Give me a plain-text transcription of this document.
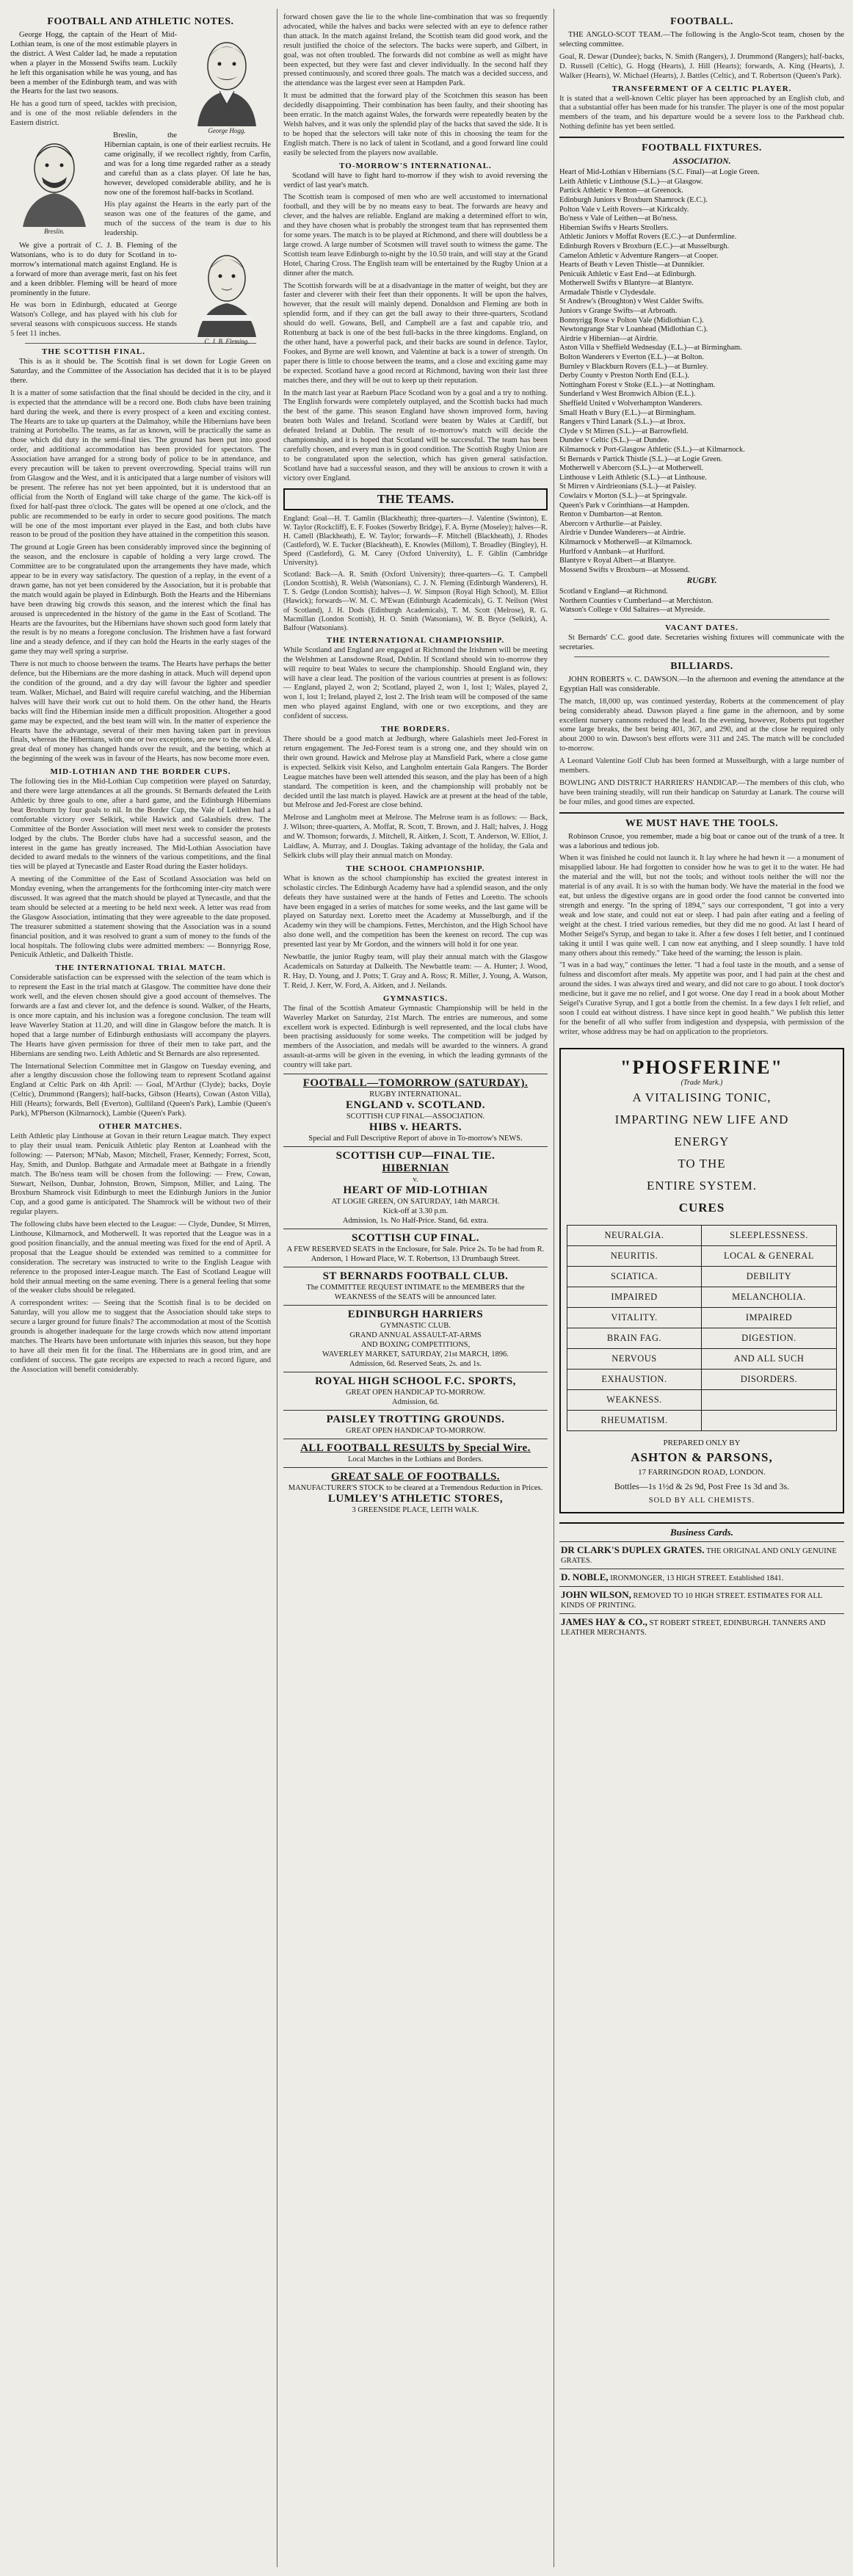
FOOTBALL AND ATHLETIC NOTES.
George Hogg.

George Hogg, the captain of the Heart of Mid-Lothian team, is one of the most estimable players in the district. A West Calder lad, he made a reputation when a player in the Mossend Swifts team. Luckily he left this organisation while he was young, and has been a member of the Edinburgh team, and was with the Hearts for the last two seasons.

He has a good turn of speed, tackles with precision, and is one of the most reliable defenders in the Eastern district.
Breslin.

Breslin, the Hibernian captain, is one of their earliest recruits. He came originally, if we recollect rightly, from Carfin, and was for a long time regarded rather as a steady and careful than as a class player. Of late he has, however, developed considerable ability, and he is now one of the foremost half-backs in Scotland.

His play against the Hearts in the early part of the season was one of the features of the game, and much of the success of the team is due to his leadership.
C. J. B. Fleming.

We give a portrait of C. J. B. Fleming of the Watsonians, who is to do duty for Scotland in to-morrow's international match against England. He is a forward of more than average merit, fast on his feet and a keen dribbler. Fleming will be heard of more prominently in the future.

He was born in Edinburgh, educated at George Watson's College, and has played with his club for several seasons with conspicuous success. He stands 5 feet 11 inches.
THE SCOTTISH FINAL.

This is as it should be. The Scottish final is set down for Logie Green on Saturday, and the Committee of the Association has decided that it is to be played there.

It is a matter of some satisfaction that the final should be decided in the city, and it is expected that the attendance will be a record one. Both clubs have been training hard during the week, and there is every prospect of a keen and exciting contest. The Hearts are to take up quarters at the Dalmahoy, while the Hibernians have been training at Portobello. The teams, as far as known, will be practically the same as those which did duty in the semi-final ties. The ground has been put into good order, and additional accommodation has been provided for spectators. The Association have arranged for a strong body of police to be in attendance, and every precaution will be taken to prevent overcrowding. Special trains will run from Glasgow and the West, and it is anticipated that a large number of visitors will be present. The referee has not yet been appointed, but it is understood that an official from the North of England will take charge of the game. The kick-off is fixed for half-past three o'clock. The gates will be opened at one o'clock, and the public are recommended to be early in order to secure good positions. The match will be one of the most important ever played in the East, and both clubs have reason to be proud of the position they have attained in the competition this season.
The ground at Logie Green has been considerably improved since the beginning of the season, and the enclosure is capable of holding a very large crowd. The Committee are to be congratulated upon the arrangements they have made, which appear to be in every way satisfactory. The question of a replay, in the event of a drawn game, has not yet been considered by the Association, but it is probable that the match would again be played in Edinburgh. Both the Hearts and the Hibernians have been drawing big crowds this season, and the interest which the final has aroused is unprecedented in the history of the game in the East of Scotland. The Hearts are the favourites, but the Hibernians have shown such good form lately that the result is by no means a foregone conclusion. The Irishmen have a fast forward line and a steady defence, and if they can hold the Hearts in the early stages of the game they may well spring a surprise.
There is not much to choose between the teams. The Hearts have perhaps the better defence, but the Hibernians are the more dashing in attack. Much will depend upon the condition of the ground, and a dry day will favour the lighter and speedier team. Walker, Michael, and Baird will require careful watching, and the Hibernian halves will have their work cut out to hold them. On the other hand, the Hearts backs will find the Hibernian inside men a difficult proposition. Altogether a good game may be expected, and the best team will win. In the matter of experience the Hearts have the advantage, several of their men having taken part in previous finals, whereas the Hibernians, with one or two exceptions, are new to the ordeal. A great deal of money has changed hands over the result, and the betting, which at the beginning of the week was in favour of the Hearts, has now become more even.
MID-LOTHIAN AND THE BORDER CUPS.
The following ties in the Mid-Lothian Cup competition were played on Saturday, and there were large attendances at all the grounds. St Bernards defeated the Leith Athletic by three goals to one, after a hard game, and the Edinburgh Hibernians beat Broxburn by four goals to nil. In the Border Cup, the Vale of Leithen had a comfortable victory over Selkirk, while Hawick and Galashiels drew. The Committee of the Border Association will meet next week to consider the protests lodged by the clubs. The Border clubs have had a successful season, and the interest in the game has greatly increased. The Mid-Lothian Association have decided to award medals to the winners of the various competitions, and the final ties will be played at Tynecastle and Easter Road during the Easter holidays.
A meeting of the Committee of the East of Scotland Association was held on Monday evening, when the arrangements for the forthcoming inter-city match were discussed. It was agreed that the match should be played at Tynecastle, and that the team should be selected at a meeting to be held next week. A letter was read from the Glasgow Association, intimating that they were agreeable to the date proposed. The treasurer submitted a statement showing that the Association was in a sound financial position, and it was resolved to grant a sum of money to the funds of the local hospitals. The following clubs were admitted members: — Bonnyrigg Rose, Penicuik Athletic, and Dalkeith Thistle.
THE INTERNATIONAL TRIAL MATCH.
Considerable satisfaction can be expressed with the selection of the team which is to represent the East in the trial match at Glasgow. The committee have done their work well, and the eleven chosen should give a good account of themselves. The forwards are a fast and clever lot, and the defence is sound. Walker, of the Hearts, is once more captain, and his inclusion was a foregone conclusion. The team will leave Waverley Station at 11.20, and will dine in Glasgow before the match. It is hoped that a large number of Edinburgh enthusiasts will accompany the players. The Hearts have given permission for three of their men to take part, and the Hibernians are sending two. Leith Athletic and St Bernards are also represented.
The International Selection Committee met in Glasgow on Tuesday evening, and after a lengthy discussion chose the following team to represent Scotland against England at Celtic Park on 4th April: — Goal, M'Arthur (Clyde); backs, Doyle (Celtic), Drummond (Rangers); half-backs, Gibson (Hearts), Cowan (Aston Villa), Hill (Hearts); forwards, Bell (Everton), Gulliland (Queen's Park), Lambie (Queen's Park), M'Pherson (Kilmarnock), Lambie (Queen's Park).
OTHER MATCHES.
Leith Athletic play Linthouse at Govan in their return League match. They expect to play their usual team. Penicuik Athletic play Renton at Loanhead with the following: — Paterson; M'Nab, Mason; Mitchell, Fraser, Kennedy; Forrest, Scott, Hay, Smith, and Dunlop. Bathgate and Armadale meet at Bathgate in a friendly match. The Bo'ness team will be chosen from the following: — Frew, Cowan, Stewart, Neilson, Dunbar, Johnston, Brown, Simpson, Miller, and Laing. The Broxburn Shamrock visit Edinburgh to meet the Edinburgh Juniors in the Junior Cup, and a good game is anticipated. The Shamrock will be without two of their regular players.
The following clubs have been elected to the League: — Clyde, Dundee, St Mirren, Linthouse, Kilmarnock, and Motherwell. It was reported that the League was in a good position financially, and the annual meeting was fixed for the end of April. A proposal that the League should be extended was remitted to a committee for consideration. The secretary was instructed to write to the English League with reference to the proposed inter-League match. The East of Scotland League will hold their annual meeting on the same evening. There is a general feeling that some of the weaker clubs should be relegated.
A correspondent writes: — Seeing that the Scottish final is to be decided on Saturday, will you allow me to suggest that the Association should take steps to secure a larger ground for future finals? The accommodation at most of the Scottish grounds is altogether inadequate for the large crowds which now attend important matches. The Hearts have been unfortunate with injuries this season, but they hope to have all their men fit for the final. The Hibernians are in good trim, and are confident of success. The gate receipts are expected to reach a record figure, and the Association will benefit considerably.
forward chosen gave the lie to the whole line-combination that was so frequently advocated, while the halves and backs were selected with an eye to defence rather than attack. In the match against Ireland, the Scottish team did good work, and the result justified the choice of the selectors. The backs were superb, and Gilbert, in goal, was not often troubled. The forwards did not combine as well as might have been expected, but they were fast and clever individually. In the second half they pressed continuously, and scored three goals. The match was a decided success, and the attendance was the largest ever seen at Hampden Park.
It must be admitted that the forward play of the Scotchmen this season has been decidedly disappointing. Their combination has been faulty, and their shooting has been erratic. In the match against Wales, the forwards were repeatedly beaten by the Welsh halves, and it was only the splendid play of the backs that saved the side. It is to be hoped that the selectors will take note of this in choosing the team for the English match. There is no lack of talent in Scotland, and a good forward line could easily be selected from the players now available.
TO-MORROW'S INTERNATIONAL.

Scotland will have to fight hard to-morrow if they wish to avoid reversing the verdict of last year's match.

The Scottish team is composed of men who are well accustomed to international football, and they will be by no means easy to beat. The forwards are heavy and clever, and the halves are reliable. England are making a determined effort to win, and they have chosen what is probably the strongest team that has represented them for some years. The match is to be played at Richmond, and there will doubtless be a large crowd. A large number of Scotsmen will travel south to witness the game. The Scottish team leave Edinburgh to-night by the 10.50 train, and will stay at the Grand Hotel, Charing Cross. The English team will be entertained by the Rugby Union at a dinner after the match.
The Scottish forwards will be at a disadvantage in the matter of weight, but they are faster and cleverer with their feet than their opponents. It will be upon the halves, however, that the result will mainly depend. Donaldson and Fleming are both in splendid form, and if they can get the ball away to their three-quarters, Scotland should do well. Gowans, Bell, and Campbell are a fast and capable trio, and Rottenburg at back is one of the best full-backs in the three kingdoms. England, on the other hand, have a powerful pack, and their backs are sound in defence. Taylor, Fookes, and Byrne are well known, and Valentine at back is a tower of strength. On paper there is little to choose between the teams, and a close and exciting game may be expected. Scotland have a good record at Richmond, having won their last three matches there, and they will be out to keep up their reputation.
In the match last year at Raeburn Place Scotland won by a goal and a try to nothing. The English forwards were completely outplayed, and the Scottish backs had much the best of the game. This season England have shown improved form, having beaten both Wales and Ireland. Scotland were beaten by Wales at Cardiff, but defeated Ireland at Dublin. The result of to-morrow's match will decide the championship, and it is hoped that Scotland will be successful. The team has been carefully chosen, and every man is in good condition. The Scottish Rugby Union are to be congratulated upon the selection, which has given general satisfaction. Scotland have had a successful season, and they will be anxious to crown it with a victory over England.
THE TEAMS.
England: Goal—H. T. Gamlin (Blackheath); three-quarters—J. Valentine (Swinton), E. W. Taylor (Rockcliff), E. F. Fookes (Sowerby Bridge), F. A. Byrne (Moseley); halves—R. H. Cattell (Blackheath), E. W. Taylor; forwards—F. Mitchell (Blackheath), J. Rhodes (Castleford), W. E. Tucker (Blackheath), E. Knowles (Millom), T. Broadley (Bingley), H. Speed (Castleford), G. M. Carey (Oxford University), L. F. Giblin (Cambridge University).
Scotland: Back—A. R. Smith (Oxford University); three-quarters—G. T. Campbell (London Scottish), R. Welsh (Watsonians), C. J. N. Fleming (Edinburgh Wanderers), H. T. S. Gedge (London Scottish); halves—J. W. Simpson (Royal High School), M. Elliot (Hawick); forwards—W. M. C. M'Ewan (Edinburgh Academicals), G. T. Neilson (West of Scotland), J. H. Dods (Edinburgh Academicals), T. M. Scott (Melrose), R. G. Macmillan (London Scottish), H. O. Smith (Watsonians), W. B. Bryce (Selkirk), A. Balfour (Watsonians).
THE INTERNATIONAL CHAMPIONSHIP.
While Scotland and England are engaged at Richmond the Irishmen will be meeting the Welshmen at Lansdowne Road, Dublin. If Scotland should win to-morrow they will require to beat Wales to secure the championship. Should England win, they will have a clear lead. The position of the various countries at present is as follows: — England, played 2, won 2; Scotland, played 2, won 1, lost 1; Wales, played 2, won 1, lost 1; Ireland, played 2, lost 2. The Irish team will be composed of the same men who played against England, with one or two exceptions, and they are confident of success.
THE BORDERS.
There should be a good match at Jedburgh, where Galashiels meet Jed-Forest in return engagement. The Jed-Forest team is a strong one, and they should win on their own ground. Hawick and Melrose play at Mansfield Park, where a close game is expected. Selkirk visit Kelso, and Langholm entertain Gala Rangers. The Border League matches have been well attended this season, and the play has been of a high standard. The competition is keen, and the championship will probably not be decided until the last match is played. Hawick are at present at the head of the table, but Melrose and Jed-Forest are close behind.
Melrose and Langholm meet at Melrose. The Melrose team is as follows: — Back, J. Wilson; three-quarters, A. Moffat, R. Scott, T. Brown, and J. Hall; halves, J. Hogg and W. Thomson; forwards, J. Mitchell, R. Aitken, J. Scott, T. Anderson, W. Elliot, J. Laidlaw, A. Murray, and J. Douglas. Taking advantage of the holiday, the Gala and Selkirk clubs will play their annual match on Monday.
THE SCHOOL CHAMPIONSHIP.
What is known as the school championship has excited the greatest interest in scholastic circles. The Edinburgh Academy have had a splendid season, and the only defeats they have sustained were at the hands of Fettes and Loretto. The schools have been engaged in a series of matches for some weeks, and the last game will be played on Saturday next. Loretto meet the Academy at Musselburgh, and if the Academy win they will be champions. Fettes, Merchiston, and the High School have also done well, and the competition has been the keenest on record. The cup was presented last year by Mr Gordon, and the winners will hold it for one year.
Newbattle, the junior Rugby team, will play their annual match with the Glasgow Academicals on Saturday at Dalkeith. The Newbattle team: — A. Hunter; J. Wood, R. Hay, D. Young, and J. Potts; T. Gray and A. Ross; R. Miller, J. Young, A. Watson, T. Reid, J. Kerr, W. Ford, A. Aitken, and J. Neilands.
GYMNASTICS.
The final of the Scottish Amateur Gymnastic Championship will be held in the Waverley Market on Saturday, 21st March. The entries are numerous, and some excellent work is expected. Edinburgh is well represented, and the local clubs have been practising assiduously for some weeks. The competition will be judged by members of the Association, and medals will be awarded to the winners. A grand assault-at-arms will be given in the evening, in which the leading gymnasts of the country will take part.
FOOTBALL—TOMORROW (SATURDAY).
RUGBY INTERNATIONAL.
ENGLAND v. SCOTLAND.
SCOTTISH CUP FINAL—ASSOCIATION.
HIBS v. HEARTS.
Special and Full Descriptive Report of above in To-morrow's NEWS.
SCOTTISH CUP—FINAL TIE.
HIBERNIAN
v.
HEART OF MID-LOTHIAN
AT LOGIE GREEN, ON SATURDAY, 14th MARCH.
Kick-off at 3.30 p.m.
Admission, 1s. No Half-Price. Stand, 6d. extra.
SCOTTISH CUP FINAL.
A FEW RESERVED SEATS in the Enclosure, for Sale. Price 2s. To be had from R. Anderson, 1 Howard Place, W. T. Robertson, 13 Drumbaugh Street.
ST BERNARDS FOOTBALL CLUB.
The COMMITTEE REQUEST INTIMATE to the MEMBERS that the WEAKNESS of the SEATS will be announced later.
EDINBURGH HARRIERS
GYMNASTIC CLUB.
GRAND ANNUAL ASSAULT-AT-ARMS
AND BOXING COMPETITIONS,
WAVERLEY MARKET, SATURDAY, 21st MARCH, 1896.
Admission, 6d. Reserved Seats, 2s. and 1s.
ROYAL HIGH SCHOOL F.C. SPORTS,
GREAT OPEN HANDICAP TO-MORROW.
Admission, 6d.
PAISLEY TROTTING GROUNDS.
GREAT OPEN HANDICAP TO-MORROW.
ALL FOOTBALL RESULTS by Special Wire.
Local Matches in the Lothians and Borders.
GREAT SALE OF FOOTBALLS.
MANUFACTURER'S STOCK to be cleared at a Tremendous Reduction in Prices.
LUMLEY'S ATHLETIC STORES,
3 GREENSIDE PLACE, LEITH WALK.
FOOTBALL.

THE ANGLO-SCOT TEAM.—The following is the Anglo-Scot team, chosen by the selecting committee.

Goal, R. Dewar (Dundee); backs, N. Smith (Rangers), J. Drummond (Rangers); half-backs, D. Russell (Celtic), G. Hogg (Hearts), J. Hill (Hearts); forwards, A. King (Hearts), J. Walker (Hearts), W. Michael (Hearts), J. Battles (Celtic), and T. Robertson (Queen's Park).
TRANSFERMENT OF A CELTIC PLAYER.
It is stated that a well-known Celtic player has been approached by an English club, and that a substantial offer has been made for his transfer. The player is one of the most popular members of the team, and his departure would be a severe loss to the Parkhead club. Nothing definite has yet been settled.
FOOTBALL FIXTURES.
ASSOCIATION.
Heart of Mid-Lothian v Hibernians (S.C. Final)—at Logie Green.
Leith Athletic v Linthouse (S.L.)—at Glasgow.
Partick Athletic v Renton—at Greenock.
Edinburgh Juniors v Broxburn Shamrock (E.C.).
Polton Vale v Leith Rovers—at Kirkcaldy.
Bo'ness v Vale of Leithen—at Bo'ness.
Hibernian Swifts v Hearts Strollers.
Athletic Juniors v Moffat Rovers (E.C.)—at Dunfermline.
Edinburgh Rovers v Broxburn (E.C.)—at Musselburgh.
Camelon Athletic v Adventure Rangers—at Cooper.
Hearts of Beath v Leven Thistle—at Dunnikier.
Penicuik Athletic v East End—at Edinburgh.
Motherwell Swifts v Blantyre—at Blantyre.
Armadale Thistle v Clydesdale.
St Andrew's (Broughton) v West Calder Swifts.
Juniors v Grange Swifts—at Arbroath.
Bonnyrigg Rose v Polton Vale (Midlothian C.).
Newtongrange Star v Loanhead (Midlothian C.).
Airdrie v Hibernian—at Airdrie.
Aston Villa v Sheffield Wednesday (E.L.)—at Birmingham.
Bolton Wanderers v Everton (E.L.)—at Bolton.
Burnley v Blackburn Rovers (E.L.)—at Burnley.
Derby County v Preston North End (E.L.).
Nottingham Forest v Stoke (E.L.)—at Nottingham.
Sunderland v West Bromwich Albion (E.L.).
Sheffield United v Wolverhampton Wanderers.
Small Heath v Bury (E.L.)—at Birmingham.
Rangers v Third Lanark (S.L.)—at Ibrox.
Clyde v St Mirren (S.L.)—at Barrowfield.
Dundee v Celtic (S.L.)—at Dundee.
Kilmarnock v Port-Glasgow Athletic (S.L.)—at Kilmarnock.
St Bernards v Partick Thistle (S.L.)—at Logie Green.
Motherwell v Abercorn (S.L.)—at Motherwell.
Linthouse v Leith Athletic (S.L.)—at Linthouse.
St Mirren v Airdrieonians (S.L.)—at Paisley.
Cowlairs v Morton (S.L.)—at Springvale.
Queen's Park v Corinthians—at Hampden.
Renton v Dumbarton—at Renton.
Abercorn v Arthurlie—at Paisley.
Airdrie v Dundee Wanderers—at Airdrie.
Kilmarnock v Motherwell—at Kilmarnock.
Hurlford v Annbank—at Hurlford.
Blantyre v Royal Albert—at Blantyre.
Mossend Swifts v Broxburn—at Mossend.
RUGBY.
Scotland v England—at Richmond.
Northern Counties v Cumberland—at Merchiston.
Watson's College v Old Saltaires—at Myreside.
VACANT DATES.

St Bernards' C.C. good date. Secretaries wishing fixtures will communicate with the secretaries.

BILLIARDS.

JOHN ROBERTS v. C. DAWSON.—In the afternoon and evening the attendance at the Egyptian Hall was considerable.

The match, 18,000 up, was continued yesterday, Roberts at the commencement of play being considerably ahead. Dawson played a fine game in the afternoon, and by some excellent nursery cannons reduced the lead. In the evening, however, Roberts put together some large breaks, the best being 401, 367, and 290, and at the close he required only about 2000 to win. Dawson's best efforts were 311 and 245. The match will be concluded to-morrow.
A Leonard Valentine Golf Club has been formed at Musselburgh, with a large number of members.
BOWLING AND DISTRICT HARRIERS' HANDICAP.—The members of this club, who have been training steadily, will run their handicap on Saturday at Lanark. The course will be four miles, and good times are expected.
WE MUST HAVE THE TOOLS.

Robinson Crusoe, you remember, made a big boat or canoe out of the trunk of a tree. It was a laborious and tedious job.

When it was finished he could not launch it. It lay where he had hewn it — a monument of misapplied labour. He had forgotten to consider how he was to get it to the water. He had the material and the will, but not the tools; and without tools neither the will nor the material is of any avail. It is so with the human body. We have the material in the food we eat, but unless the digestive organs are in good order the food cannot be converted into strength and energy. "In the spring of 1894," says our correspondent, "I got into a very weak and low state, and could not eat or sleep. I had pain after eating and a feeling of weight at the chest. I tried various remedies, but they did me no good. At last I heard of Mother Seigel's Syrup, and began to take it. After a few doses I felt better, and I continued taking it until I was quite well. I can now eat anything, and I sleep soundly. I have told many others about this remedy." Take heed of the warning; the lesson is plain.
"I was in a bad way," continues the letter. "I had a foul taste in the mouth, and a sense of fulness and discomfort after meals. My appetite was poor, and I had pain at the chest and around the sides. I was always tired and weary, and did not care to go about. I took doctor's medicine, but it gave me no relief, and I got worse. One day I read in a book about Mother Seigel's Curative Syrup, and I got a bottle from the chemist. In a few days I felt relief, and soon I could eat without distress. I have since kept in good health." We publish this letter for the benefit of all who suffer from indigestion and dyspepsia, with permission of the writer, whose address may be had on application to the proprietors.
"PHOSFERINE"
(Trade Mark.)
A VITALISING TONIC,
IMPARTING NEW LIFE AND
ENERGY
TO THE
ENTIRE SYSTEM.
CURES
NEURALGIA.	SLEEPLESSNESS.
NEURITIS.	LOCAL & GENERAL
SCIATICA.	DEBILITY
IMPAIRED	MELANCHOLIA.
VITALITY.	IMPAIRED
BRAIN FAG.	DIGESTION.
NERVOUS	AND ALL SUCH
EXHAUSTION.	DISORDERS.
WEAKNESS.

RHEUMATISM.

PREPARED ONLY BY
ASHTON & PARSONS,
17 FARRINGDON ROAD, LONDON.
Bottles—1s 1½d & 2s 9d, Post Free 1s 3d and 3s.
SOLD BY ALL CHEMISTS.
Business Cards.
DR CLARK'S DUPLEX GRATES. THE ORIGINAL AND ONLY GENUINE GRATES.
D. NOBLE, IRONMONGER, 13 HIGH STREET. Established 1841.
JOHN WILSON, REMOVED TO 10 HIGH STREET. ESTIMATES FOR ALL KINDS OF PRINTING.
JAMES HAY & CO., ST ROBERT STREET, EDINBURGH. TANNERS AND LEATHER MERCHANTS.
